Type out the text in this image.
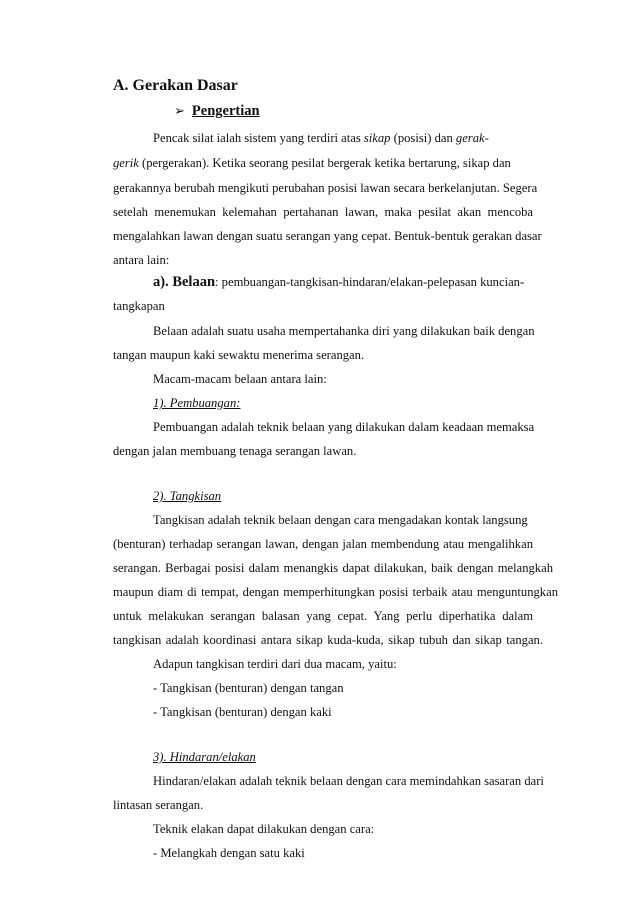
A. Gerakan Dasar
➢ Pengertian
Pencak silat ialah sistem yang terdiri atas sikap (posisi) dan gerak-
gerik (pergerakan). Ketika seorang pesilat bergerak ketika bertarung, sikap dan
gerakannya berubah mengikuti perubahan posisi lawan secara berkelanjutan. Segera
setelah menemukan kelemahan pertahanan lawan, maka pesilat akan mencoba
mengalahkan lawan dengan suatu serangan yang cepat. Bentuk-bentuk gerakan dasar
antara lain:
a). Belaan: pembuangan-tangkisan-hindaran/elakan-pelepasan kuncian-
tangkapan
Belaan adalah suatu usaha mempertahanka diri yang dilakukan baik dengan
tangan maupun kaki sewaktu menerima serangan.
Macam-macam belaan antara lain:
1). Pembuangan:
Pembuangan adalah teknik belaan yang dilakukan dalam keadaan memaksa
dengan jalan membuang tenaga serangan lawan.
2). Tangkisan
Tangkisan adalah teknik belaan dengan cara mengadakan kontak langsung
(benturan) terhadap serangan lawan, dengan jalan membendung atau mengalihkan
serangan. Berbagai posisi dalam menangkis dapat dilakukan, baik dengan melangkah
maupun diam di tempat, dengan memperhitungkan posisi terbaik atau menguntungkan
untuk melakukan serangan balasan yang cepat. Yang perlu diperhatika dalam
tangkisan adalah koordinasi antara sikap kuda-kuda, sikap tubuh dan sikap tangan.
Adapun tangkisan terdiri dari dua macam, yaitu:
- Tangkisan (benturan) dengan tangan
- Tangkisan (benturan) dengan kaki
3). Hindaran/elakan
Hindaran/elakan adalah teknik belaan dengan cara memindahkan sasaran dari
lintasan serangan.
Teknik elakan dapat dilakukan dengan cara:
- Melangkah dengan satu kaki
